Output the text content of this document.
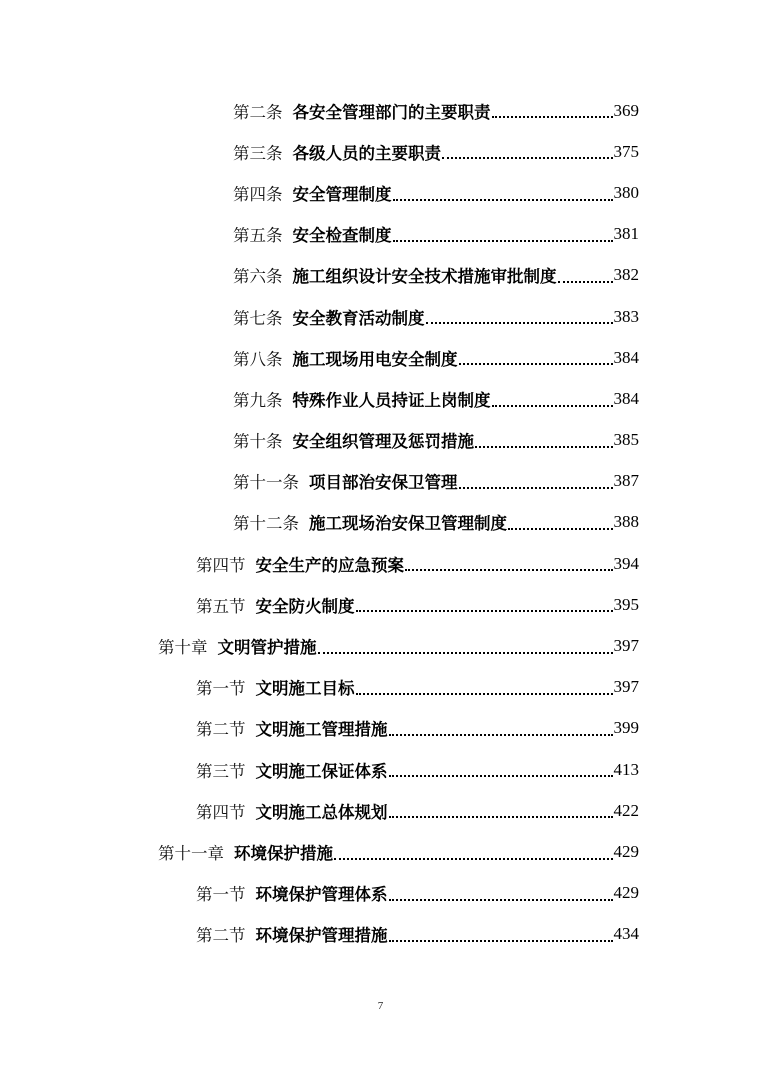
第二条 各安全管理部门的主要职责	369
第三条 各级人员的主要职责	375
第四条 安全管理制度	380
第五条 安全检查制度	381
第六条 施工组织设计安全技术措施审批制度	382
第七条 安全教育活动制度	383
第八条 施工现场用电安全制度	384
第九条 特殊作业人员持证上岗制度	384
第十条 安全组织管理及惩罚措施	385
第十一条 项目部治安保卫管理	387
第十二条 施工现场治安保卫管理制度	388
第四节 安全生产的应急预案	394
第五节 安全防火制度	395
第十章 文明管护措施	397
第一节 文明施工目标	397
第二节 文明施工管理措施	399
第三节 文明施工保证体系	413
第四节 文明施工总体规划	422
第十一章 环境保护措施	429
第一节 环境保护管理体系	429
第二节 环境保护管理措施	434
7
